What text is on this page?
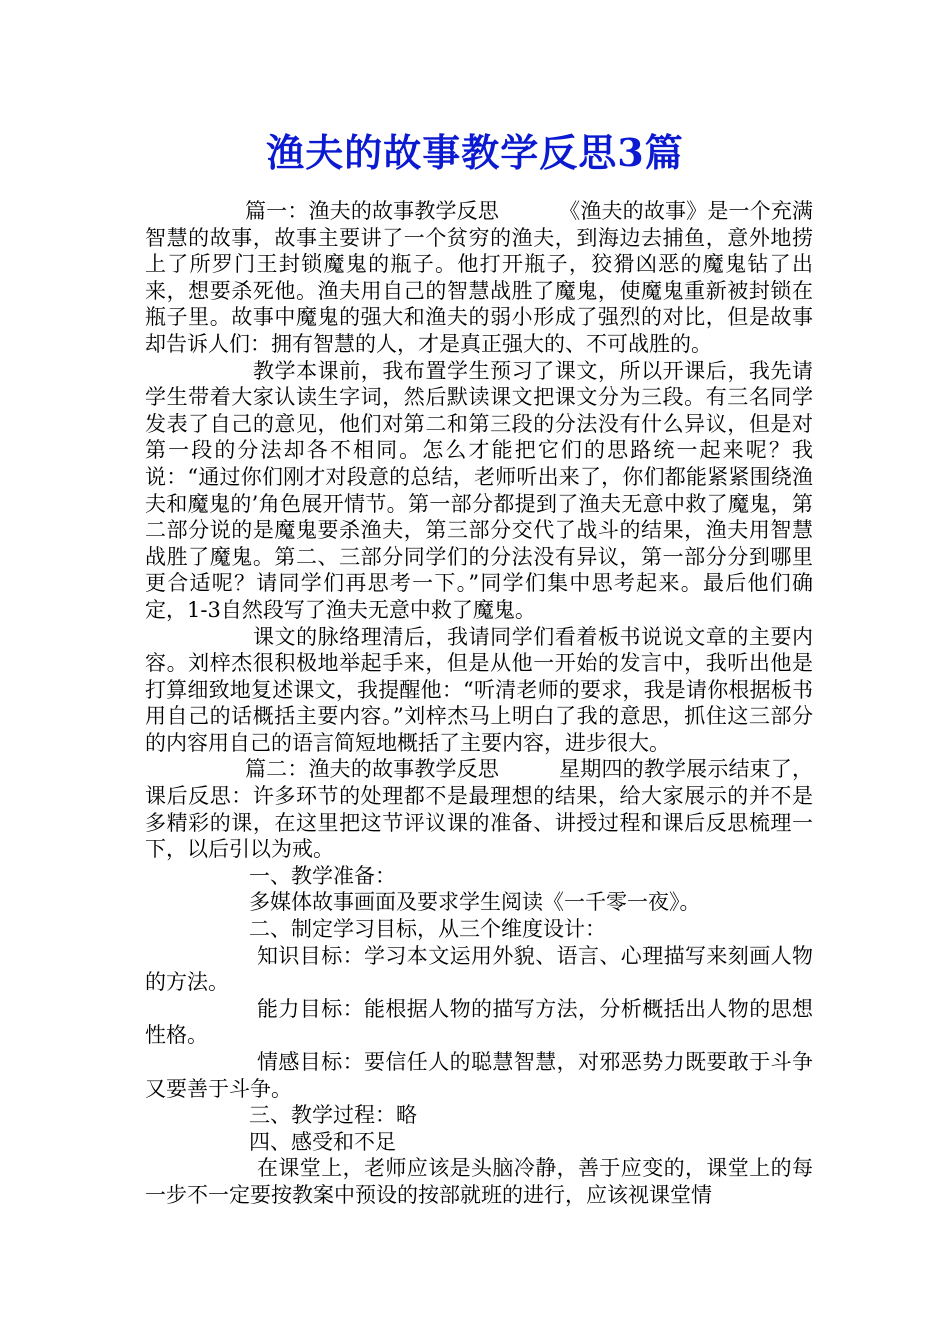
渔夫的故事教学反思3篇

篇一：渔夫的故事教学反思	《渔夫的故事》是一个充满智慧的故事，故事主要讲了一个贫穷的渔夫，到海边去捕鱼，意外地捞上了所罗门王封锁魔鬼的瓶子。他打开瓶子，狡猾凶恶的魔鬼钻了出来，想要杀死他。渔夫用自己的智慧战胜了魔鬼，使魔鬼重新被封锁在瓶子里。故事中魔鬼的强大和渔夫的弱小形成了强烈的对比，但是故事却告诉人们：拥有智慧的人，才是真正强大的、不可战胜的。

教学本课前，我布置学生预习了课文，所以开课后，我先请学生带着大家认读生字词，然后默读课文把课文分为三段。有三名同学发表了自己的意见，他们对第二和第三段的分法没有什么异议，但是对第一段的分法却各不相同。怎么才能把它们的思路统一起来呢？我说：“通过你们刚才对段意的总结，老师听出来了，你们都能紧紧围绕渔夫和魔鬼的’角色展开情节。第一部分都提到了渔夫无意中救了魔鬼，第二部分说的是魔鬼要杀渔夫，第三部分交代了战斗的结果，渔夫用智慧战胜了魔鬼。第二、三部分同学们的分法没有异议，第一部分分到哪里更合适呢？请同学们再思考一下。”同学们集中思考起来。最后他们确定，1-3自然段写了渔夫无意中救了魔鬼。

课文的脉络理清后，我请同学们看着板书说说文章的主要内容。刘梓杰很积极地举起手来，但是从他一开始的发言中，我听出他是打算细致地复述课文，我提醒他：“听清老师的要求，我是请你根据板书用自己的话概括主要内容。”刘梓杰马上明白了我的意思，抓住这三部分的内容用自己的语言简短地概括了主要内容，进步很大。

篇二：渔夫的故事教学反思	星期四的教学展示结束了，课后反思：许多环节的处理都不是最理想的结果，给大家展示的并不是多精彩的课，在这里把这节评议课的准备、讲授过程和课后反思梳理一下，以后引以为戒。

一、教学准备：

多媒体故事画面及要求学生阅读《一千零一夜》。

二、制定学习目标，从三个维度设计：

知识目标：学习本文运用外貌、语言、心理描写来刻画人物的方法。

能力目标：能根据人物的描写方法，分析概括出人物的思想性格。

情感目标：要信任人的聪慧智慧，对邪恶势力既要敢于斗争又要善于斗争。

三、教学过程：略

四、感受和不足

在课堂上，老师应该是头脑冷静，善于应变的，课堂上的每一步不一定要按教案中预设的按部就班的进行，应该视课堂情
